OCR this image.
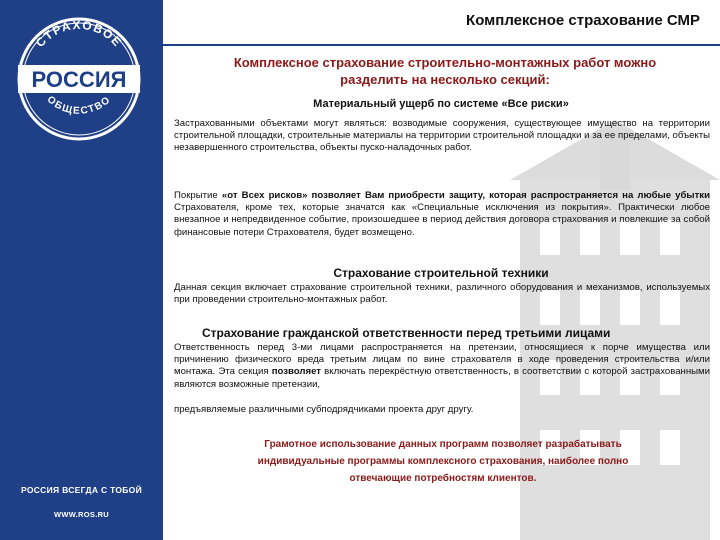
СТРАХОВОЕ
РОССИЯ
ОБЩЕСТВО
РОССИЯ ВСЕГДА С ТОБОЙ
WWW.ROS.RU
Комплексное страхование СМР
Комплексное страхование строительно-монтажных работ можно
разделить на несколько секций:
Материальный ущерб по системе «Все риски»
Застрахованными объектами могут являться: возводимые сооружения, существующее имущество на территории строительной площадки, строительные материалы на территории строительной площадки и за ее пределами, объекты незавершенного строительства, объекты пуско-наладочных работ.
Покрытие «от Всех рисков» позволяет Вам приобрести защиту, которая распространяется на любые убытки Страхователя, кроме тех, которые значатся как «Специальные исключения из покрытия». Практически любое внезапное и непредвиденное событие, произошедшее в период действия договора страхования и повлекшие за собой финансовые потери Страхователя, будет возмещено.
Страхование строительной техники
Данная секция включает страхование строительной техники, различного оборудования и механизмов, используемых при проведении строительно-монтажных работ.
Страхование гражданской ответственности перед третьими лицами
Ответственность перед 3-ми лицами распространяется на претензии, относящиеся к порче имущества или причинению физического вреда третьим лицам по вине страхователя в ходе проведения строительства и/или монтажа. Эта секция позволяет включать перекрёстную ответственность, в соответствии с которой застрахованными являются возможные претензии,
предъявляемые различными субподрядчиками проекта друг другу.
Грамотное использование данных программ позволяет разрабатывать
индивидуальные программы комплексного страхования, наиболее полно
отвечающие потребностям клиентов.
